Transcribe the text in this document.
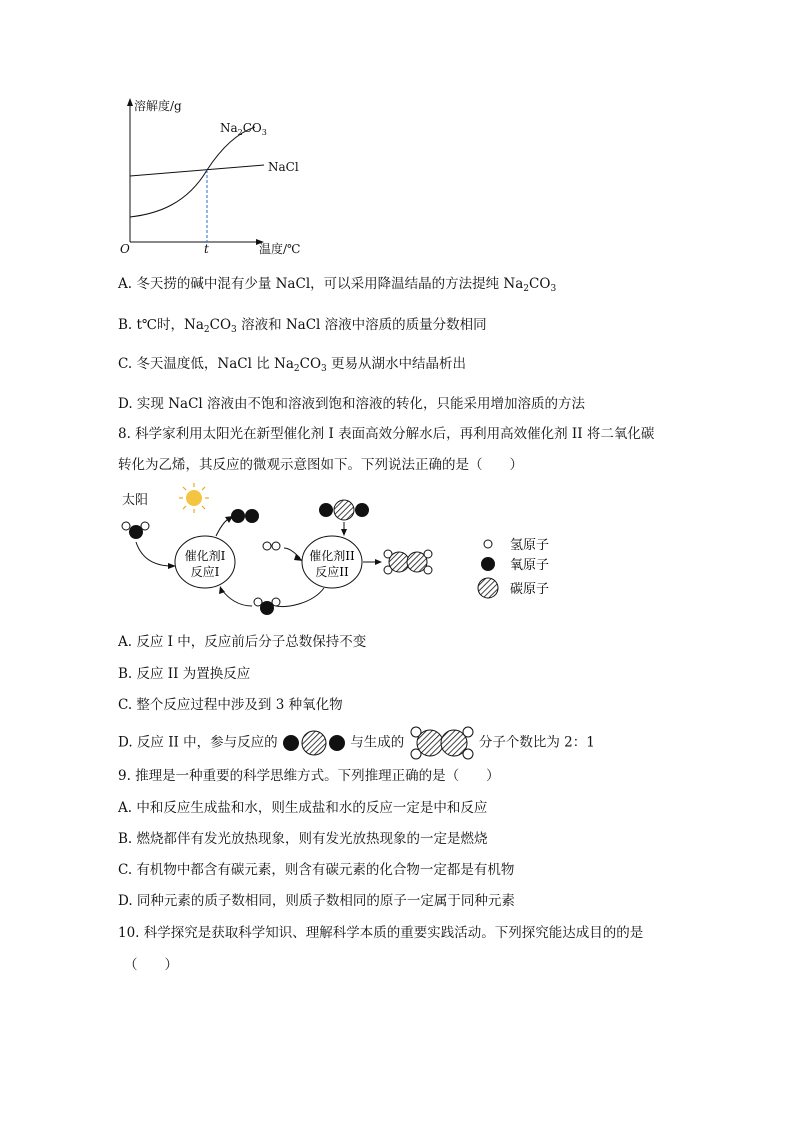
溶解度/g
温度/℃
O	t
NaCl
$Na_2CO_3$
A. 冬天捞的碱中混有少量 NaCl，可以采用降温结晶的方法提纯 $Na_2CO_3$
B. t℃时，$Na_2CO_3$ 溶液和 NaCl 溶液中溶质的质量分数相同
C. 冬天温度低，NaCl 比 $Na_2CO_3$ 更易从湖水中结晶析出
D. 实现 NaCl 溶液由不饱和溶液到饱和溶液的转化，只能采用增加溶质的方法
8. 科学家利用太阳光在新型催化剂 I 表面高效分解水后，再利用高效催化剂 II 将二氧化碳
转化为乙烯，其反应的微观示意图如下。下列说法正确的是（　　）
太阳
催化剂I
反应I
催化剂II
反应II
氢原子
氧原子
碳原子
A. 反应 I 中，反应前后分子总数保持不变
B. 反应 II 为置换反应
C. 整个反应过程中涉及到 3 种氧化物
D. 反应 II 中，参与反应的	与生成的	分子个数比为 2：1
9. 推理是一种重要的科学思维方式。下列推理正确的是（　　）
A. 中和反应生成盐和水，则生成盐和水的反应一定是中和反应
B. 燃烧都伴有发光放热现象，则有发光放热现象的一定是燃烧
C. 有机物中都含有碳元素，则含有碳元素的化合物一定都是有机物
D. 同种元素的质子数相同，则质子数相同的原子一定属于同种元素
10. 科学探究是获取科学知识、理解科学本质的重要实践活动。下列探究能达成目的的是
（　　）
